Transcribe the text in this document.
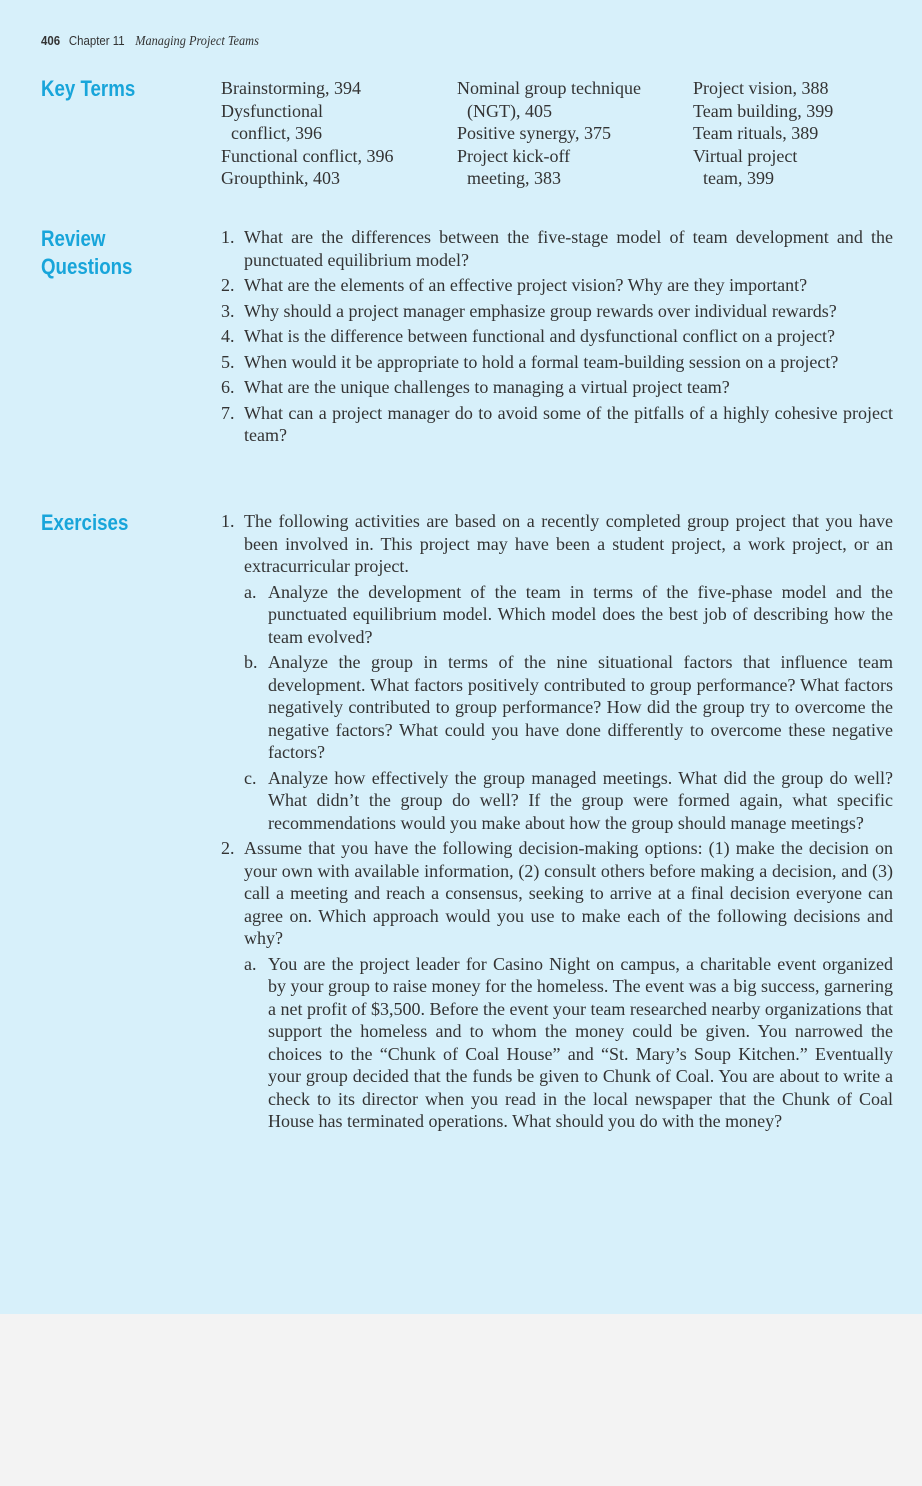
406 Chapter 11 Managing Project Teams
Key Terms	Brainstorming, 394
Dysfunctional conflict, 396
Functional conflict, 396
Groupthink, 403
Nominal group technique (NGT), 405
Positive synergy, 375
Project kick-off meeting, 383
Project vision, 388
Team building, 399
Team rituals, 389
Virtual project team, 399
Review
Questions
1. What are the differences between the five-stage model of team development and the punctuated equilibrium model?
2. What are the elements of an effective project vision? Why are they important?
3. Why should a project manager emphasize group rewards over individual rewards?
4. What is the difference between functional and dysfunctional conflict on a project?
5. When would it be appropriate to hold a formal team-building session on a project?
6. What are the unique challenges to managing a virtual project team?
7. What can a project manager do to avoid some of the pitfalls of a highly cohesive project team?
Exercises	1. The following activities are based on a recently completed group project that you have been involved in. This project may have been a student project, a work project, or an extracurricular project.
a. Analyze the development of the team in terms of the five-phase model and the punctuated equilibrium model. Which model does the best job of describing how the team evolved?
b. Analyze the group in terms of the nine situational factors that influence team development. What factors positively contributed to group performance? What factors negatively contributed to group performance? How did the group try to overcome the negative factors? What could you have done differently to overcome these negative factors?
c. Analyze how effectively the group managed meetings. What did the group do well? What didn’t the group do well? If the group were formed again, what specific recommendations would you make about how the group should manage meetings?
2. Assume that you have the following decision-making options: (1) make the decision on your own with available information, (2) consult others before making a decision, and (3) call a meeting and reach a consensus, seeking to arrive at a final decision everyone can agree on. Which approach would you use to make each of the following decisions and why?
a. You are the project leader for Casino Night on campus, a charitable event organized by your group to raise money for the homeless. The event was a big success, garnering a net profit of $3,500. Before the event your team researched nearby organizations that support the homeless and to whom the money could be given. You narrowed the choices to the “Chunk of Coal House” and “St. Mary’s Soup Kitchen.” Eventually your group decided that the funds be given to Chunk of Coal. You are about to write a check to its director when you read in the local newspaper that the Chunk of Coal House has terminated operations. What should you do with the money?
